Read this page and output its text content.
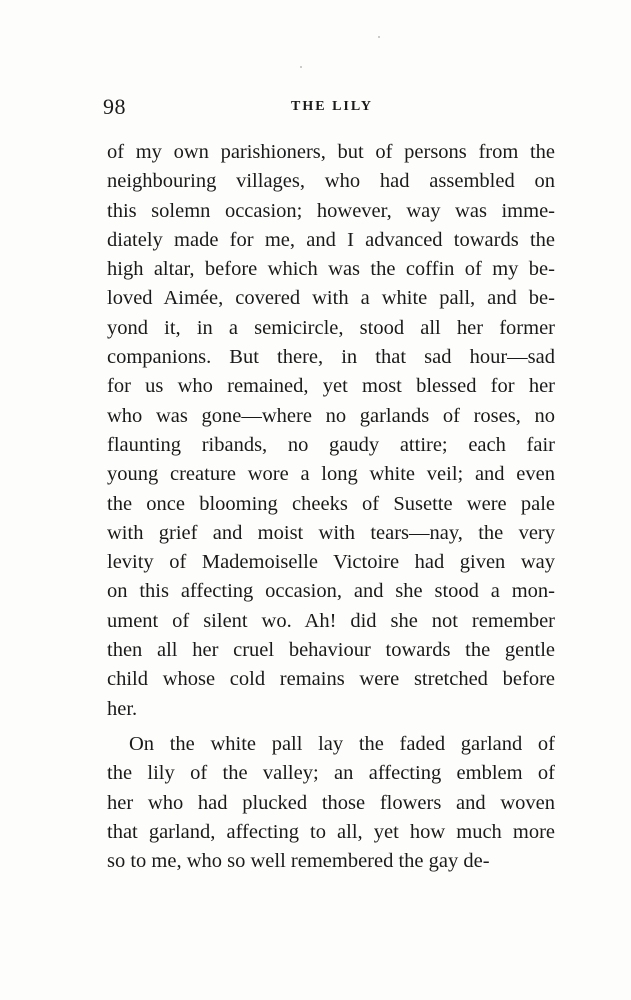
98	THE LILY
of my own parishioners, but of persons from the
neighbouring villages, who had assembled on
this solemn occasion; however, way was imme-
diately made for me, and I advanced towards the
high altar, before which was the coffin of my be-
loved Aimée, covered with a white pall, and be-
yond it, in a semicircle, stood all her former
companions. But there, in that sad hour—sad
for us who remained, yet most blessed for her
who was gone—where no garlands of roses, no
flaunting ribands, no gaudy attire; each fair
young creature wore a long white veil; and even
the once blooming cheeks of Susette were pale
with grief and moist with tears—nay, the very
levity of Mademoiselle Victoire had given way
on this affecting occasion, and she stood a mon-
ument of silent wo. Ah! did she not remember
then all her cruel behaviour towards the gentle
child whose cold remains were stretched before
her.
On the white pall lay the faded garland of
the lily of the valley; an affecting emblem of
her who had plucked those flowers and woven
that garland, affecting to all, yet how much more
so to me, who so well remembered the gay de-
